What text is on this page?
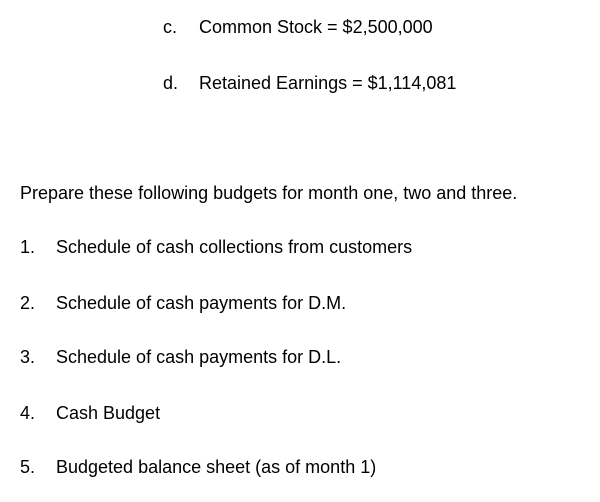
c. Common Stock = $2,500,000
d. Retained Earnings = $1,114,081
Prepare these following budgets for month one, two and three.
1. Schedule of cash collections from customers
2. Schedule of cash payments for D.M.
3. Schedule of cash payments for D.L.
4. Cash Budget
5. Budgeted balance sheet (as of month 1)
